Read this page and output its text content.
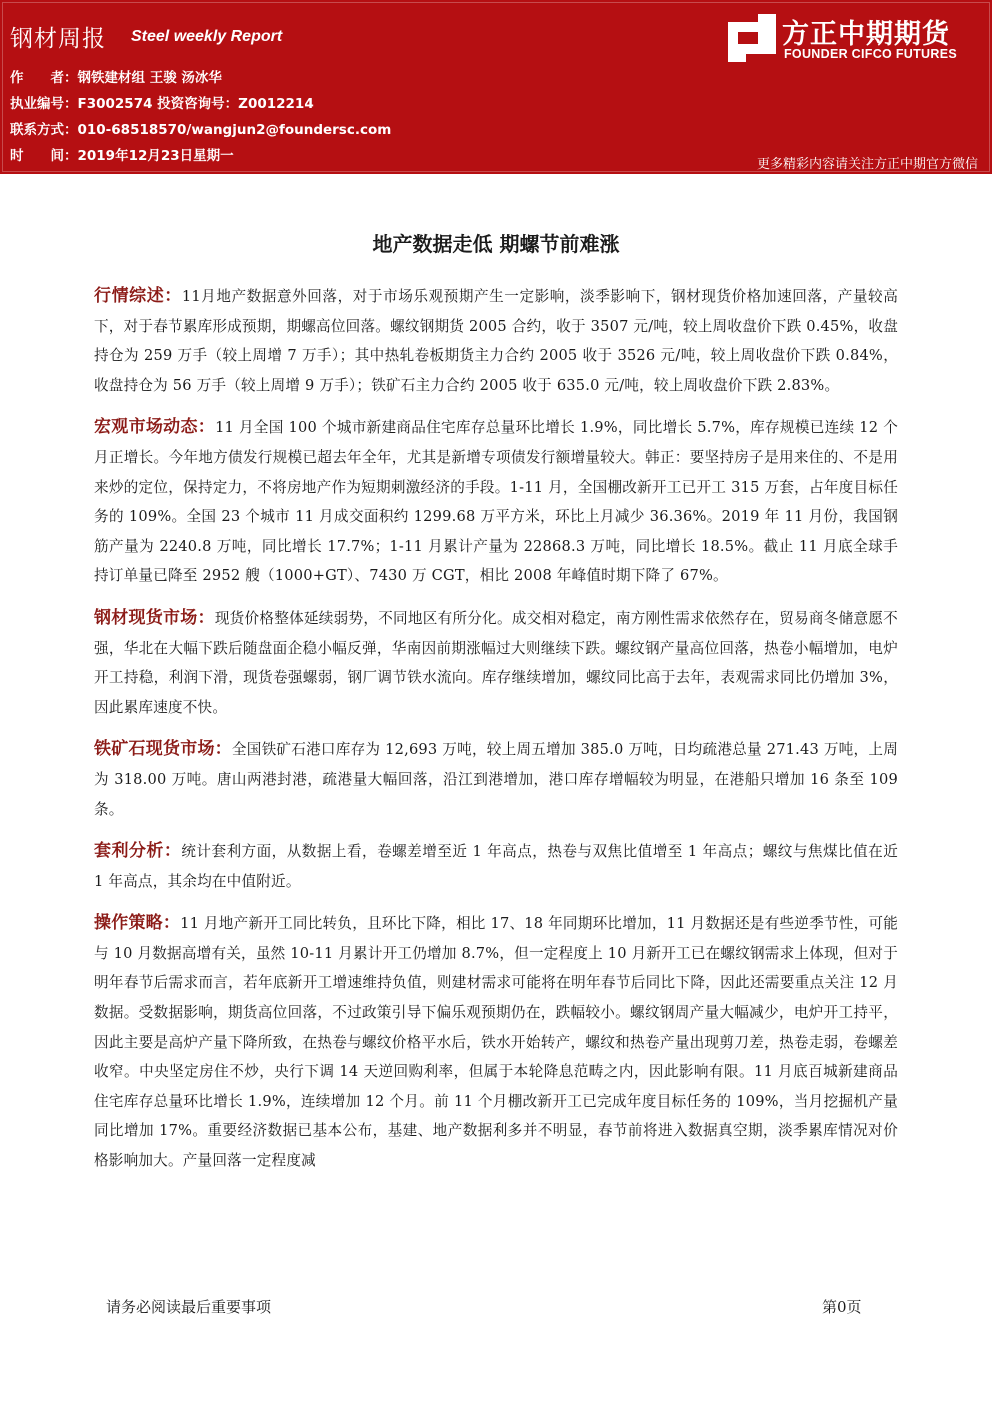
钢材周报 Steel weekly Report
作　　者：钢铁建材组 王骏 汤冰华
执业编号：F3002574 投资咨询号：Z0012214
联系方式：010-68518570/wangjun2@foundersc.com
时　　间：2019年12月23日星期一
方正中期期货
FOUNDER CIFCO FUTURES
更多精彩内容请关注方正中期官方微信
地产数据走低 期螺节前难涨

行情综述：11月地产数据意外回落，对于市场乐观预期产生一定影响，淡季影响下，钢材现货价格加速回落，产量较高下，对于春节累库形成预期，期螺高位回落。螺纹钢期货 2005 合约，收于 3507 元/吨，较上周收盘价下跌 0.45%，收盘持仓为 259 万手（较上周增 7 万手）；其中热轧卷板期货主力合约 2005 收于 3526 元/吨，较上周收盘价下跌 0.84%，收盘持仓为 56 万手（较上周增 9 万手）；铁矿石主力合约 2005 收于 635.0 元/吨，较上周收盘价下跌 2.83%。

宏观市场动态：11 月全国 100 个城市新建商品住宅库存总量环比增长 1.9%，同比增长 5.7%，库存规模已连续 12 个月正增长。今年地方债发行规模已超去年全年，尤其是新增专项债发行额增量较大。韩正：要坚持房子是用来住的、不是用来炒的定位，保持定力，不将房地产作为短期刺激经济的手段。1-11 月，全国棚改新开工已开工 315 万套，占年度目标任务的 109%。全国 23 个城市 11 月成交面积约 1299.68 万平方米，环比上月减少 36.36%。2019 年 11 月份，我国钢筋产量为 2240.8 万吨，同比增长 17.7%；1-11 月累计产量为 22868.3 万吨，同比增长 18.5%。截止 11 月底全球手持订单量已降至 2952 艘（1000+GT）、7430 万 CGT，相比 2008 年峰值时期下降了 67%。

钢材现货市场：现货价格整体延续弱势，不同地区有所分化。成交相对稳定，南方刚性需求依然存在，贸易商冬储意愿不强，华北在大幅下跌后随盘面企稳小幅反弹，华南因前期涨幅过大则继续下跌。螺纹钢产量高位回落，热卷小幅增加，电炉开工持稳，利润下滑，现货卷强螺弱，钢厂调节铁水流向。库存继续增加，螺纹同比高于去年，表观需求同比仍增加 3%，因此累库速度不快。

铁矿石现货市场：全国铁矿石港口库存为 12,693 万吨，较上周五增加 385.0 万吨，日均疏港总量 271.43 万吨，上周为 318.00 万吨。唐山两港封港，疏港量大幅回落，沿江到港增加，港口库存增幅较为明显，在港船只增加 16 条至 109 条。

套利分析：统计套利方面，从数据上看，卷螺差增至近 1 年高点，热卷与双焦比值增至 1 年高点；螺纹与焦煤比值在近 1 年高点，其余均在中值附近。

操作策略：11 月地产新开工同比转负，且环比下降，相比 17、18 年同期环比增加，11 月数据还是有些逆季节性，可能与 10 月数据高增有关，虽然 10-11 月累计开工仍增加 8.7%，但一定程度上 10 月新开工已在螺纹钢需求上体现，但对于明年春节后需求而言，若年底新开工增速维持负值，则建材需求可能将在明年春节后同比下降，因此还需要重点关注 12 月数据。受数据影响，期货高位回落，不过政策引导下偏乐观预期仍在，跌幅较小。螺纹钢周产量大幅减少，电炉开工持平，因此主要是高炉产量下降所致，在热卷与螺纹价格平水后，铁水开始转产，螺纹和热卷产量出现剪刀差，热卷走弱，卷螺差收窄。中央坚定房住不炒，央行下调 14 天逆回购利率，但属于本轮降息范畴之内，因此影响有限。11 月底百城新建商品住宅库存总量环比增长 1.9%，连续增加 12 个月。前 11 个月棚改新开工已完成年度目标任务的 109%，当月挖掘机产量同比增加 17%。重要经济数据已基本公布，基建、地产数据利多并不明显，春节前将进入数据真空期，淡季累库情况对价格影响加大。产量回落一定程度减

请务必阅读最后重要事项	第0页
